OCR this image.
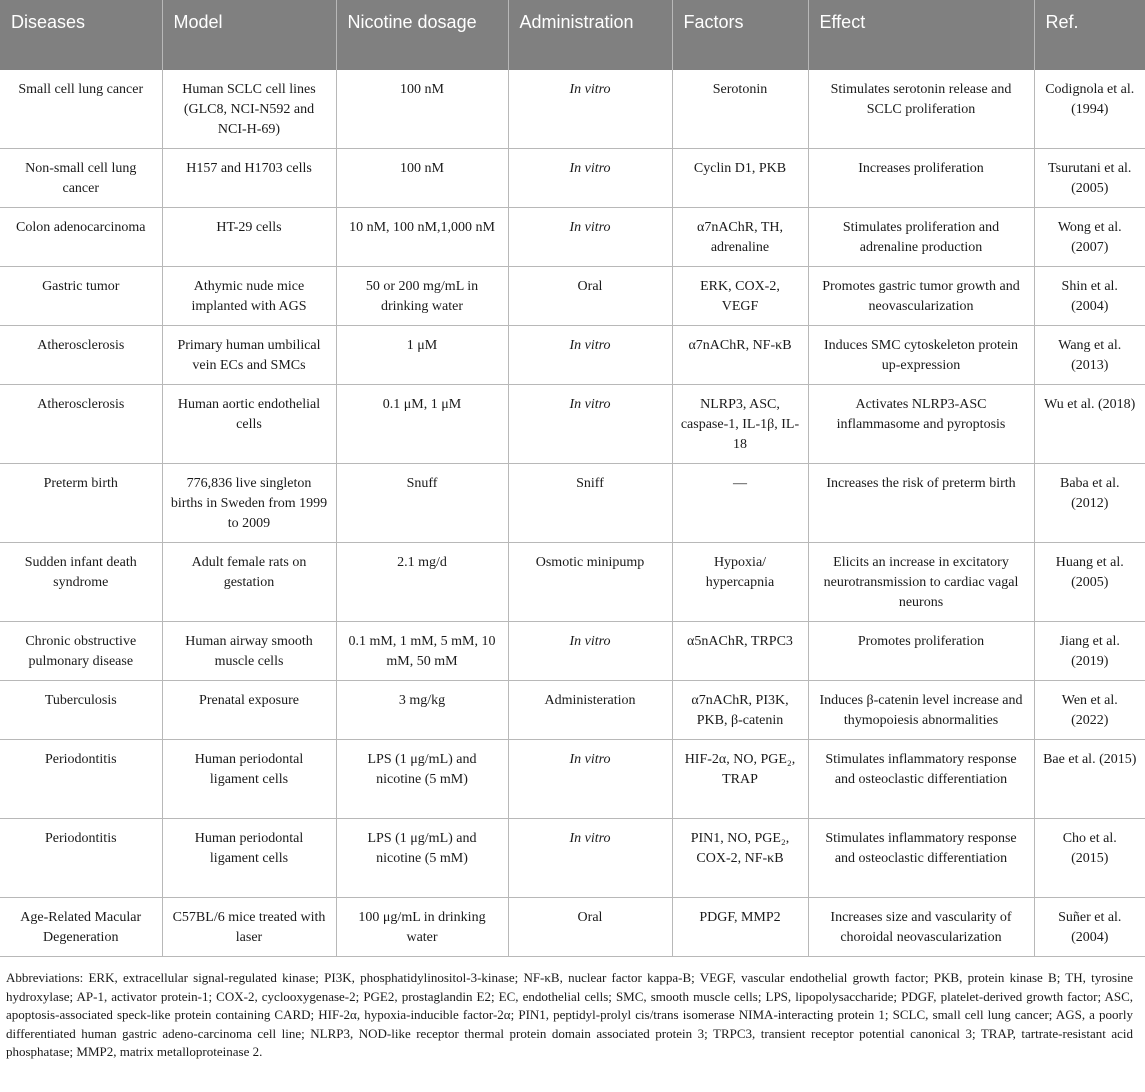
Diseases	Model	Nicotine dosage	Administration	Factors	Effect	Ref.
Small cell lung cancer	Human SCLC cell lines (GLC8, NCI-N592 and NCI-H-69)	100 nM	In vitro	Serotonin	Stimulates serotonin release and SCLC proliferation	Codignola et al. (1994)
Non-small cell lung cancer	H157 and H1703 cells	100 nM	In vitro	Cyclin D1, PKB	Increases proliferation	Tsurutani et al. (2005)
Colon adenocarcinoma	HT-29 cells	10 nM, 100 nM,1,000 nM	In vitro	α7nAChR, TH, adrenaline	Stimulates proliferation and adrenaline production	Wong et al. (2007)
Gastric tumor	Athymic nude mice implanted with AGS	50 or 200 mg/mL in drinking water	Oral	ERK, COX-2, VEGF	Promotes gastric tumor growth and neovascularization	Shin et al. (2004)
Atherosclerosis	Primary human umbilical vein ECs and SMCs	1 μM	In vitro	α7nAChR, NF-κB	Induces SMC cytoskeleton protein up-expression	Wang et al. (2013)
Atherosclerosis	Human aortic endothelial cells	0.1 μM, 1 μM	In vitro	NLRP3, ASC, caspase-1, IL-1β, IL-18	Activates NLRP3-ASC inflammasome and pyroptosis	Wu et al. (2018)
Preterm birth	776,836 live singleton births in Sweden from 1999 to 2009	Snuff	Sniff	—	Increases the risk of preterm birth	Baba et al. (2012)
Sudden infant death syndrome	Adult female rats on gestation	2.1 mg/d	Osmotic minipump	Hypoxia/ hypercapnia	Elicits an increase in excitatory neurotransmission to cardiac vagal neurons	Huang et al. (2005)
Chronic obstructive pulmonary disease	Human airway smooth muscle cells	0.1 mM, 1 mM, 5 mM, 10 mM, 50 mM	In vitro	α5nAChR, TRPC3	Promotes proliferation	Jiang et al. (2019)
Tuberculosis	Prenatal exposure	3 mg/kg	Administeration	α7nAChR, PI3K, PKB, β-catenin	Induces β-catenin level increase and thymopoiesis abnormalities	Wen et al. (2022)
Periodontitis	Human periodontal ligament cells	LPS (1 μg/mL) and nicotine (5 mM)	In vitro	HIF-2α, NO, PGE₂, TRAP	Stimulates inflammatory response and osteoclastic differentiation	Bae et al. (2015)
Periodontitis	Human periodontal ligament cells	LPS (1 μg/mL) and nicotine (5 mM)	In vitro	PIN1, NO, PGE₂, COX-2, NF-κB	Stimulates inflammatory response and osteoclastic differentiation	Cho et al. (2015)
Age-Related Macular Degeneration	C57BL/6 mice treated with laser	100 μg/mL in drinking water	Oral	PDGF, MMP2	Increases size and vascularity of choroidal neovascularization	Suñer et al. (2004)
Abbreviations: ERK, extracellular signal-regulated kinase; PI3K, phosphatidylinositol-3-kinase; NF-κB, nuclear factor kappa-B; VEGF, vascular endothelial growth factor; PKB, protein kinase B; TH, tyrosine hydroxylase; AP-1, activator protein-1; COX-2, cyclooxygenase-2; PGE2, prostaglandin E2; EC, endothelial cells; SMC, smooth muscle cells; LPS, lipopolysaccharide; PDGF, platelet-derived growth factor; ASC, apoptosis-associated speck-like protein containing CARD; HIF-2α, hypoxia-inducible factor-2α; PIN1, peptidyl-prolyl cis/trans isomerase NIMA-interacting protein 1; SCLC, small cell lung cancer; AGS, a poorly differentiated human gastric adeno-carcinoma cell line; NLRP3, NOD-like receptor thermal protein domain associated protein 3; TRPC3, transient receptor potential canonical 3; TRAP, tartrate-resistant acid phosphatase; MMP2, matrix metalloproteinase 2.
